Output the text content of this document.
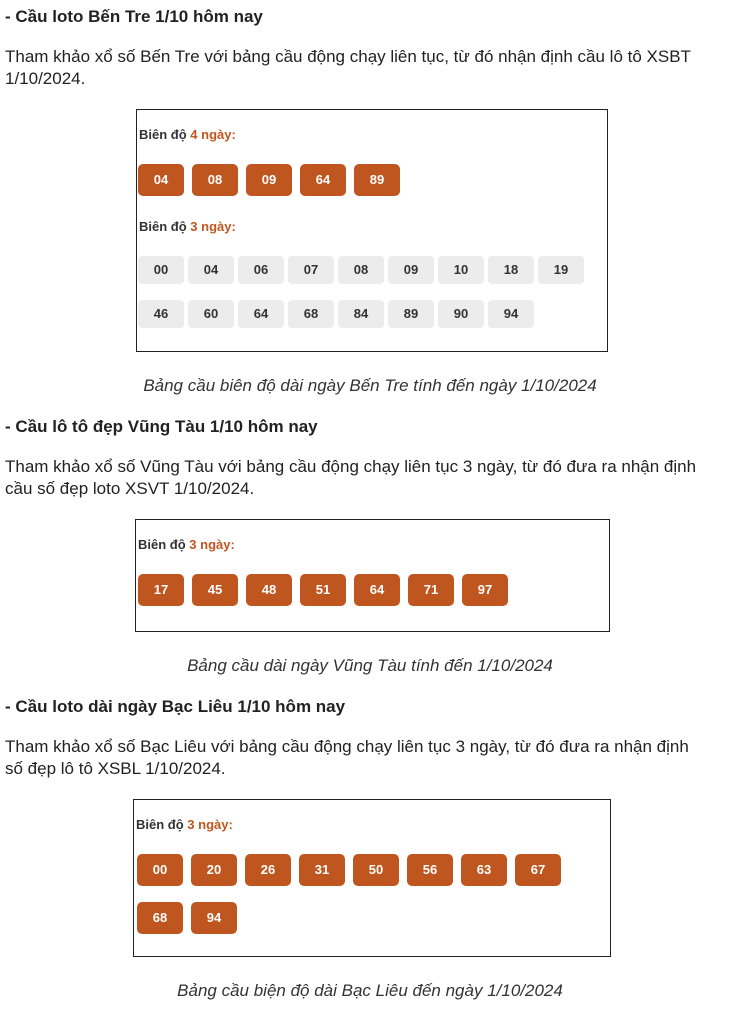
- Cầu loto Bến Tre 1/10 hôm nay
Tham khảo xổ số Bến Tre với bảng cầu động chạy liên tục, từ đó nhận định cầu lô tô XSBT
1/10/2024.
Biên độ 4 ngày:
04	08	09	64	89
Biên độ 3 ngày:
00	04	06	07	08	09	10	18	19
46	60	64	68	84	89	90	94
Bảng cầu biên độ dài ngày Bến Tre tính đến ngày 1/10/2024
- Cầu lô tô đẹp Vũng Tàu 1/10 hôm nay
Tham khảo xổ số Vũng Tàu với bảng cầu động chạy liên tục 3 ngày, từ đó đưa ra nhận định
cầu số đẹp loto XSVT 1/10/2024.
Biên độ 3 ngày:
17	45	48	51	64	71	97
Bảng cầu dài ngày Vũng Tàu tính đến 1/10/2024
- Cầu loto dài ngày Bạc Liêu 1/10 hôm nay
Tham khảo xổ số Bạc Liêu với bảng cầu động chạy liên tục 3 ngày, từ đó đưa ra nhận định
số đẹp lô tô XSBL 1/10/2024.
Biên độ 3 ngày:
00	20	26	31	50	56	63	67
68	94
Bảng cầu biện độ dài Bạc Liêu đến ngày 1/10/2024
